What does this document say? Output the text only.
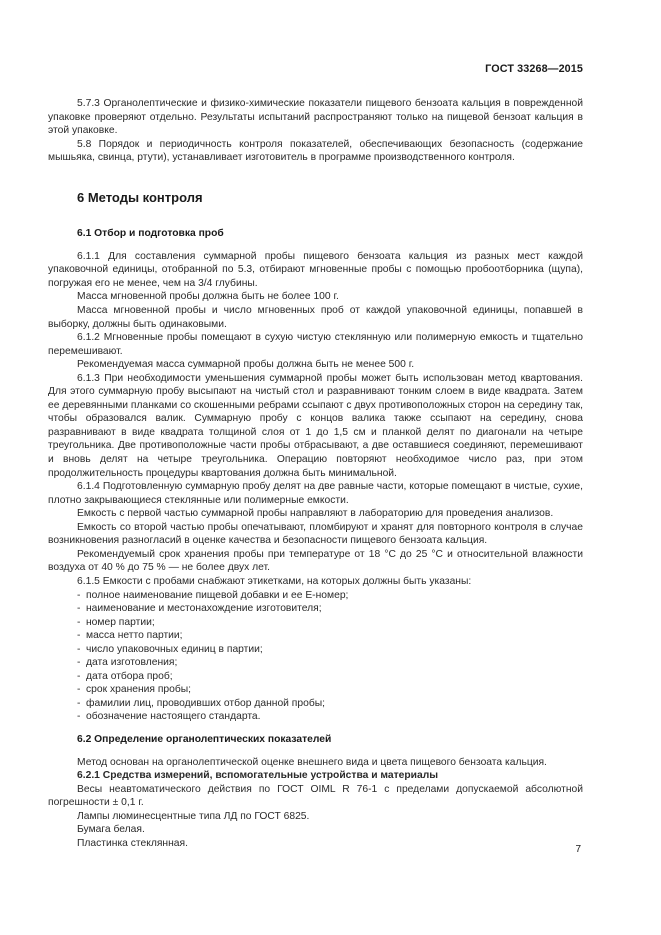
ГОСТ 33268—2015

5.7.3 Органолептические и физико-химические показатели пищевого бензоата кальция в поврежденной упаковке проверяют отдельно. Результаты испытаний распространяют только на пищевой бензоат кальция в этой упаковке.

5.8 Порядок и периодичность контроля показателей, обеспечивающих безопасность (содержание мышьяка, свинца, ртути), устанавливает изготовитель в программе производственного контроля.

6 Методы контроля
6.1 Отбор и подготовка проб

6.1.1 Для составления суммарной пробы пищевого бензоата кальция из разных мест каждой упаковочной единицы, отобранной по 5.3, отбирают мгновенные пробы с помощью пробоотборника (щупа), погружая его не менее, чем на 3/4 глубины.

Масса мгновенной пробы должна быть не более 100 г.

Масса мгновенной пробы и число мгновенных проб от каждой упаковочной единицы, попавшей в выборку, должны быть одинаковыми.

6.1.2 Мгновенные пробы помещают в сухую чистую стеклянную или полимерную емкость и тщательно перемешивают.

Рекомендуемая масса суммарной пробы должна быть не менее 500 г.

6.1.3 При необходимости уменьшения суммарной пробы может быть использован метод квартования. Для этого суммарную пробу высыпают на чистый стол и разравнивают тонким слоем в виде квадрата. Затем ее деревянными планками со скошенными ребрами ссыпают с двух противоположных сторон на середину так, чтобы образовался валик. Суммарную пробу с концов валика также ссыпают на середину, снова разравнивают в виде квадрата толщиной слоя от 1 до 1,5 см и планкой делят по диагонали на четыре треугольника. Две противоположные части пробы отбрасывают, а две оставшиеся соединяют, перемешивают и вновь делят на четыре треугольника. Операцию повторяют необходимое число раз, при этом продолжительность процедуры квартования должна быть минимальной.

6.1.4 Подготовленную суммарную пробу делят на две равные части, которые помещают в чистые, сухие, плотно закрывающиеся стеклянные или полимерные емкости.

Емкость с первой частью суммарной пробы направляют в лабораторию для проведения анализов.

Емкость со второй частью пробы опечатывают, пломбируют и хранят для повторного контроля в случае возникновения разногласий в оценке качества и безопасности пищевого бензоата кальция.

Рекомендуемый срок хранения пробы при температуре от 18 °С до 25 °С и относительной влажности воздуха от 40 % до 75 % — не более двух лет.

6.1.5 Емкости с пробами снабжают этикетками, на которых должны быть указаны:

- полное наименование пищевой добавки и ее Е-номер;
- наименование и местонахождение изготовителя;
- номер партии;
- масса нетто партии;
- число упаковочных единиц в партии;
- дата изготовления;
- дата отбора проб;
- срок хранения пробы;
- фамилии лиц, проводивших отбор данной пробы;
- обозначение настоящего стандарта.
6.2 Определение органолептических показателей

Метод основан на органолептической оценке внешнего вида и цвета пищевого бензоата кальция.

6.2.1 Средства измерений, вспомогательные устройства и материалы

Весы неавтоматического действия по ГОСТ OIML R 76-1 с пределами допускаемой абсолютной погрешности ± 0,1 г.

Лампы люминесцентные типа ЛД по ГОСТ 6825.

Бумага белая.

Пластинка стеклянная.

7
